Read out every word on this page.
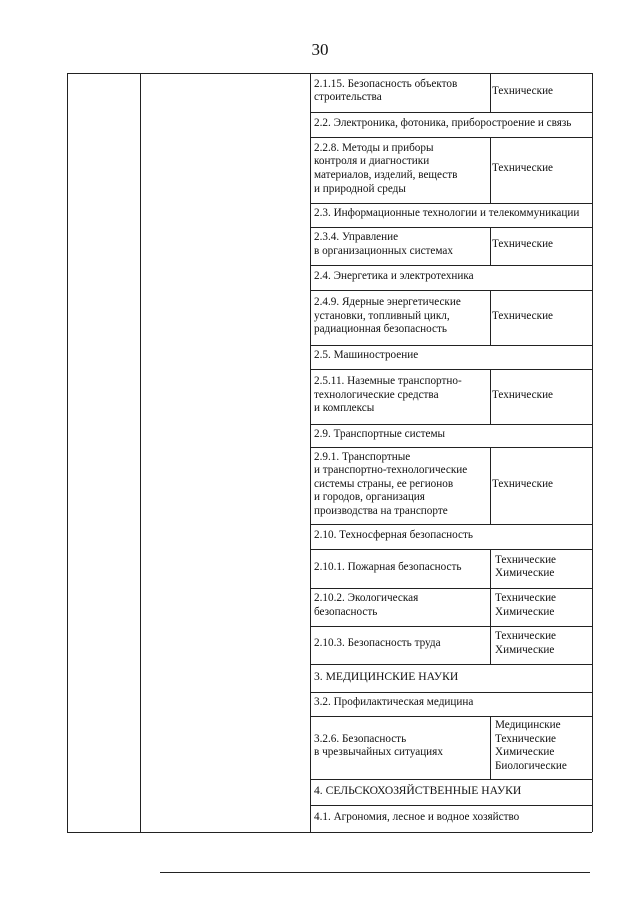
30
2.1.15. Безопасность объектов
строительства
Технические
2.2. Электроника, фотоника, приборостроение и связь
2.2.8. Методы и приборы
контроля и диагностики
материалов, изделий, веществ
и природной среды
Технические
2.3. Информационные технологии и телекоммуникации
2.3.4. Управление
в организационных системах
Технические
2.4. Энергетика и электротехника
2.4.9. Ядерные энергетические
установки, топливный цикл,
радиационная безопасность
Технические
2.5. Машиностроение
2.5.11. Наземные транспортно-
технологические средства
и комплексы
Технические
2.9. Транспортные системы
2.9.1. Транспортные
и транспортно-технологические
системы страны, ее регионов
и городов, организация
производства на транспорте
Технические
2.10. Техносферная безопасность
2.10.1. Пожарная безопасность
Технические
Химические
2.10.2. Экологическая
безопасность
Технические
Химические
2.10.3. Безопасность труда
Технические
Химические
3. МЕДИЦИНСКИЕ НАУКИ
3.2. Профилактическая медицина
3.2.6. Безопасность
в чрезвычайных ситуациях
Медицинские
Технические
Химические
Биологические
4. СЕЛЬСКОХОЗЯЙСТВЕННЫЕ НАУКИ
4.1. Агрономия, лесное и водное хозяйство
